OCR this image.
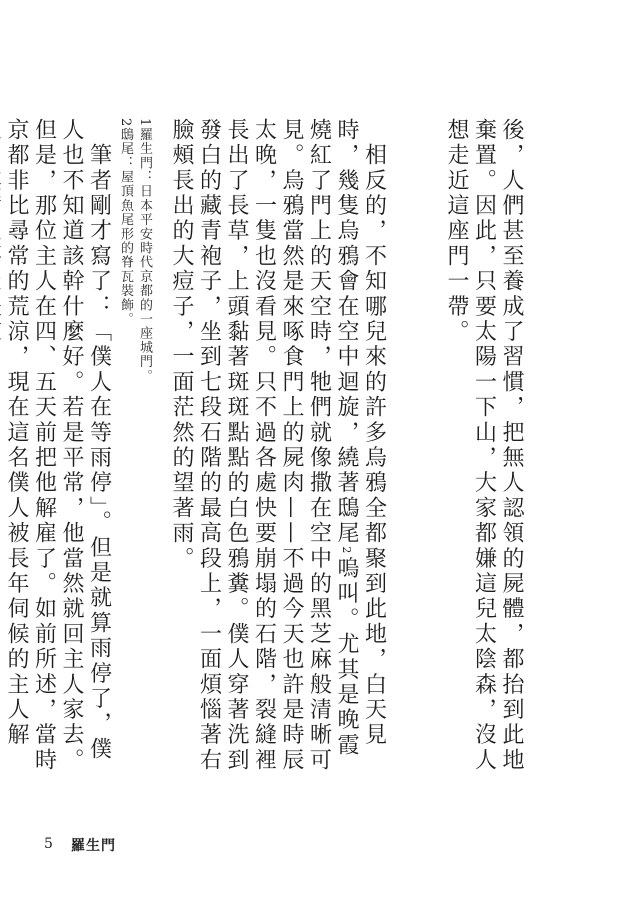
後，人們甚至養成了習慣，把無人認領的屍體，都抬到此地棄置。因此，只要太陽一下山，大家都嫌這兒太陰森，沒人想走近這座門一帶。

　相反的，不知哪兒來的許多烏鴉全都聚到此地，白天見時，幾隻烏鴉會在空中迴旋，繞著鴟尾2嗚叫。尤其是晚霞燒紅了門上的天空時，牠們就像撒在空中的黑芝麻般清晰可見。烏鴉當然是來啄食門上的屍肉——不過今天也許是時辰太晚，一隻也沒看見。只不過各處快要崩塌的石階，裂縫裡長出了長草，上頭黏著斑斑點點的白色鴉糞。僕人穿著洗到發白的藏青袍子，坐到七段石階的最高段上，一面煩惱著右臉頰長出的大痘子，一面茫然的望著雨。

　筆者剛才寫了：「僕人在等雨停」。但是就算雨停了，僕人也不知道該幹什麼好。若是平常，他當然就回主人家去。但是，那位主人在四、五天前把他解雇了。如前所述，當時京都非比尋常的荒涼，現在這名僕人被長年伺候的主人解

1羅生門：日本平安時代京都的一座城門。

2鴟尾：屋頂魚尾形的脊瓦裝飾。

5 羅生門
